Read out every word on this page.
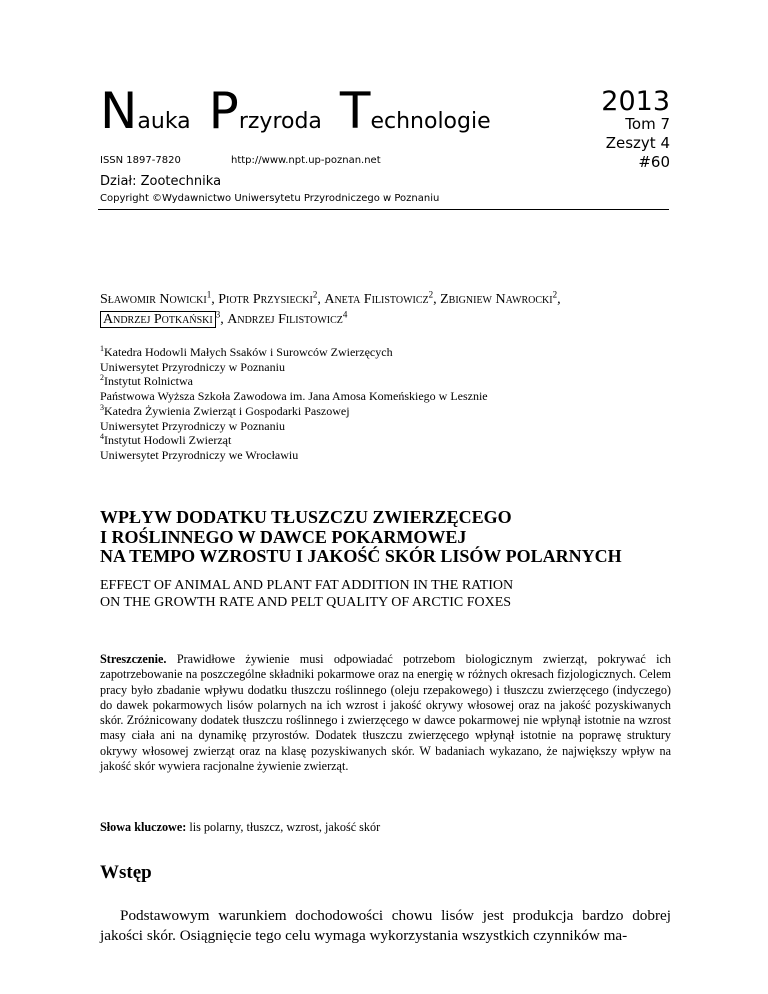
Nauka Przyroda Technologie
2013
Tom 7
Zeszyt 4
#60
ISSN 1897-7820	http://www.npt.up-poznan.net
Dział: Zootechnika
Copyright ©Wydawnictwo Uniwersytetu Przyrodniczego w Poznaniu
Sławomir Nowicki$^1$, Piotr Przysiecki$^2$, Aneta Filistowicz$^2$, Zbigniew Nawrocki$^2$,
Andrzej Potkański $^3$, Andrzej Filistowicz$^4$
$^1$Katedra Hodowli Małych Ssaków i Surowców Zwierzęcych
Uniwersytet Przyrodniczy w Poznaniu
$^2$Instytut Rolnictwa
Państwowa Wyższa Szkoła Zawodowa im. Jana Amosa Komeńskiego w Lesznie
$^3$Katedra Żywienia Zwierząt i Gospodarki Paszowej
Uniwersytet Przyrodniczy w Poznaniu
$^4$Instytut Hodowli Zwierząt
Uniwersytet Przyrodniczy we Wrocławiu
WPŁYW DODATKU TŁUSZCZU ZWIERZĘCEGO
I ROŚLINNEGO W DAWCE POKARMOWEJ
NA TEMPO WZROSTU I JAKOŚĆ SKÓR LISÓW POLARNYCH
EFFECT OF ANIMAL AND PLANT FAT ADDITION IN THE RATION
ON THE GROWTH RATE AND PELT QUALITY OF ARCTIC FOXES
Streszczenie. Prawidłowe żywienie musi odpowiadać potrzebom biologicznym zwierząt, pokrywać ich zapotrzebowanie na poszczególne składniki pokarmowe oraz na energię w różnych okresach fizjologicznych. Celem pracy było zbadanie wpływu dodatku tłuszczu roślinnego (oleju rzepakowego) i tłuszczu zwierzęcego (indyczego) do dawek pokarmowych lisów polarnych na ich wzrost i jakość okrywy włosowej oraz na jakość pozyskiwanych skór. Zróżnicowany dodatek tłuszczu roślinnego i zwierzęcego w dawce pokarmowej nie wpłynął istotnie na wzrost masy ciała ani na dynamikę przyrostów. Dodatek tłuszczu zwierzęcego wpłynął istotnie na poprawę struktury okrywy włosowej zwierząt oraz na klasę pozyskiwanych skór. W badaniach wykazano, że największy wpływ na jakość skór wywiera racjonalne żywienie zwierząt.
Słowa kluczowe: lis polarny, tłuszcz, wzrost, jakość skór
Wstęp
Podstawowym warunkiem dochodowości chowu lisów jest produkcja bardzo dobrej jakości skór. Osiągnięcie tego celu wymaga wykorzystania wszystkich czynników ma-
